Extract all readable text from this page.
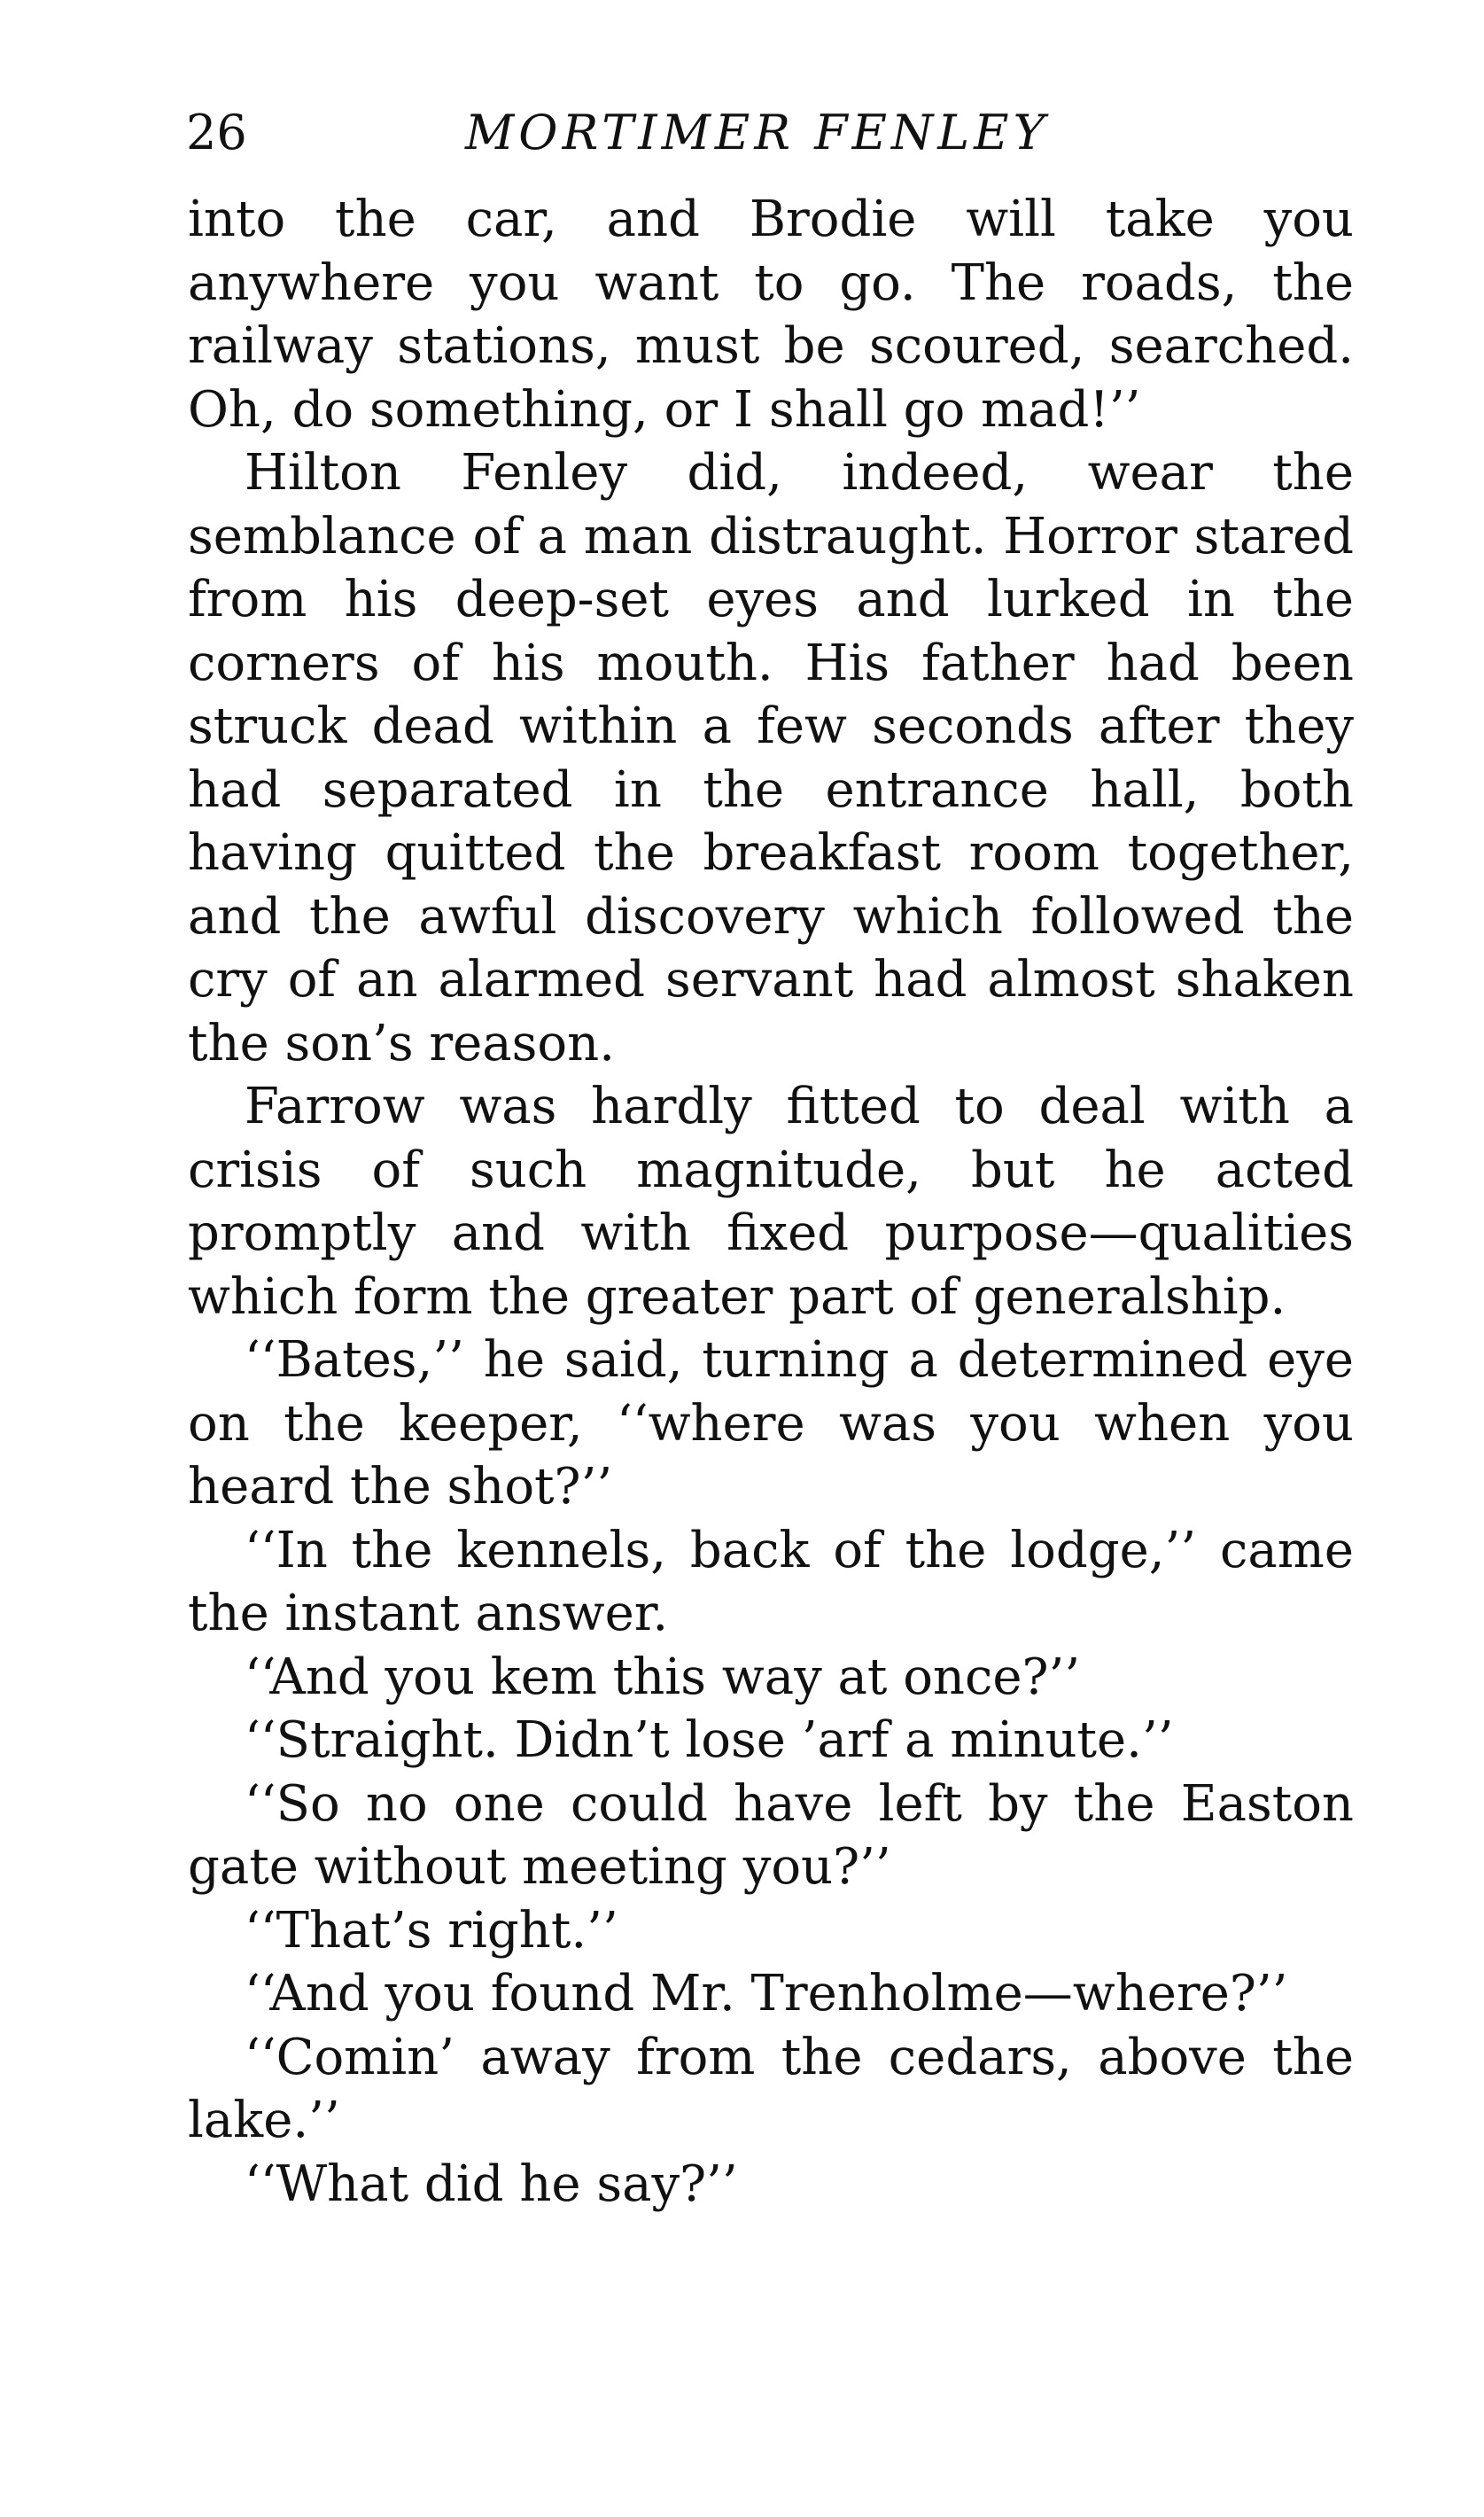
26	MORTIMER FENLEY

into the car, and Brodie will take you anywhere you want to go. The roads, the railway stations, must be scoured, searched. Oh, do something, or I shall go mad!’’

Hilton Fenley did, indeed, wear the semblance of a man distraught. Horror stared from his deep-set eyes and lurked in the corners of his mouth. His father had been struck dead within a few seconds after they had separated in the entrance hall, both having quitted the breakfast room together, and the awful discovery which followed the cry of an alarmed servant had almost shaken the son’s reason.

Farrow was hardly fitted to deal with a crisis of such magnitude, but he acted promptly and with fixed purpose—qualities which form the greater part of generalship.

‘‘Bates,’’ he said, turning a determined eye on the keeper, ‘‘where was you when you heard the shot?’’

‘‘In the kennels, back of the lodge,’’ came the instant answer.

‘‘And you kem this way at once?’’

‘‘Straight. Didn’t lose ’arf a minute.’’

‘‘So no one could have left by the Easton gate without meeting you?’’

‘‘That’s right.’’

‘‘And you found Mr. Trenholme—where?’’

‘‘Comin’ away from the cedars, above the lake.’’

‘‘What did he say?’’
